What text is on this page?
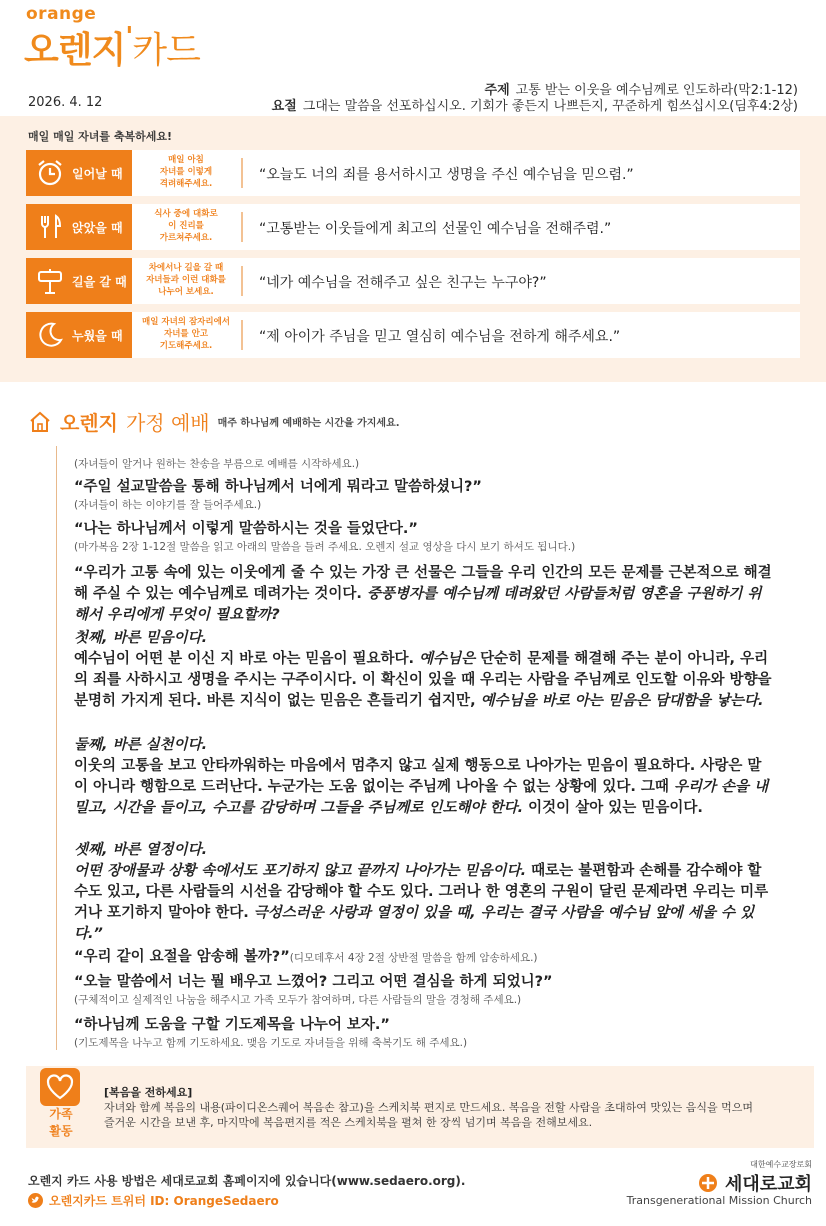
orange
오렌지'카드
주제 고통 받는 이웃을 예수님께로 인도하라(막2:1-12)
2026. 4. 12	요절 그대는 말씀을 선포하십시오. 기회가 좋든지 나쁘든지, 꾸준하게 힘쓰십시오(딤후4:2상)
매일 매일 자녀를 축복하세요!
일어날 때
매일 아침
자녀를 이렇게
격려해주세요.
“오늘도 너의 죄를 용서하시고 생명을 주신 예수님을 믿으렴.”
앉았을 때
식사 중에 대화로
이 진리를
가르쳐주세요.
“고통받는 이웃들에게 최고의 선물인 예수님을 전해주렴.”
길을 갈 때
차에서나 길을 갈 때
자녀들과 이런 대화를
나누어 보세요.
“네가 예수님을 전해주고 싶은 친구는 누구야?”
누웠을 때
매일 자녀의 잠자리에서
자녀를 안고
기도해주세요.
“제 아이가 주님을 믿고 열심히 예수님을 전하게 해주세요.”
오렌지 가정 예배 매주 하나님께 예배하는 시간을 가지세요.
(자녀들이 알거나 원하는 찬송을 부름으로 예배를 시작하세요.)
“주일 설교말씀을 통해 하나님께서 너에게 뭐라고 말씀하셨니?”
(자녀들이 하는 이야기를 잘 들어주세요.)
“나는 하나님께서 이렇게 말씀하시는 것을 들었단다.”
(마가복음 2장 1-12절 말씀을 읽고 아래의 말씀을 들려 주세요. 오렌지 설교 영상을 다시 보기 하셔도 됩니다.)
“우리가 고통 속에 있는 이웃에게 줄 수 있는 가장 큰 선물은 그들을 우리 인간의 모든 문제를 근본적으로 해결해 주실 수 있는 예수님께로 데려가는 것이다. 중풍병자를 예수님께 데려왔던 사람들처럼 영혼을 구원하기 위해서 우리에게 무엇이 필요할까?
첫째, 바른 믿음이다.
예수님이 어떤 분 이신 지 바로 아는 믿음이 필요하다. 예수님은 단순히 문제를 해결해 주는 분이 아니라, 우리의 죄를 사하시고 생명을 주시는 구주이시다. 이 확신이 있을 때 우리는 사람을 주님께로 인도할 이유와 방향을 분명히 가지게 된다. 바른 지식이 없는 믿음은 흔들리기 쉽지만, 예수님을 바로 아는 믿음은 담대함을 낳는다.
둘째, 바른 실천이다.
이웃의 고통을 보고 안타까워하는 마음에서 멈추지 않고 실제 행동으로 나아가는 믿음이 필요하다. 사랑은 말이 아니라 행함으로 드러난다. 누군가는 도움 없이는 주님께 나아올 수 없는 상황에 있다. 그때 우리가 손을 내밀고, 시간을 들이고, 수고를 감당하며 그들을 주님께로 인도해야 한다. 이것이 살아 있는 믿음이다.
셋째, 바른 열정이다.
어떤 장애물과 상황 속에서도 포기하지 않고 끝까지 나아가는 믿음이다. 때로는 불편함과 손해를 감수해야 할 수도 있고, 다른 사람들의 시선을 감당해야 할 수도 있다. 그러나 한 영혼의 구원이 달린 문제라면 우리는 미루거나 포기하지 말아야 한다. 극성스러운 사랑과 열정이 있을 때, 우리는 결국 사람을 예수님 앞에 세울 수 있다.”
“우리 같이 요절을 암송해 볼까?”(디모데후서 4장 2절 상반절 말씀을 함께 암송하세요.)
“오늘 말씀에서 너는 뭘 배우고 느꼈어? 그리고 어떤 결심을 하게 되었니?”
(구체적이고 실제적인 나눔을 해주시고 가족 모두가 참여하며, 다른 사람들의 말을 경청해 주세요.)
“하나님께 도움을 구할 기도제목을 나누어 보자.”
(기도제목을 나누고 함께 기도하세요. 맺음 기도로 자녀들을 위해 축복기도 해 주세요.)
가족
활동
[복음을 전하세요]
자녀와 함께 복음의 내용(파이디온스퀘어 복음손 참고)을 스케치북 편지로 만드세요. 복음을 전할 사람을 초대하여 맛있는 음식을 먹으며 즐거운 시간을 보낸 후, 마지막에 복음편지를 적은 스케치북을 펼쳐 한 장씩 넘기며 복음을 전해보세요.
오렌지 카드 사용 방법은 세대로교회 홈페이지에 있습니다(www.sedaero.org).
오렌지카드 트위터 ID: OrangeSedaero
대한예수교장로회
세대로교회
Transgenerational Mission Church
